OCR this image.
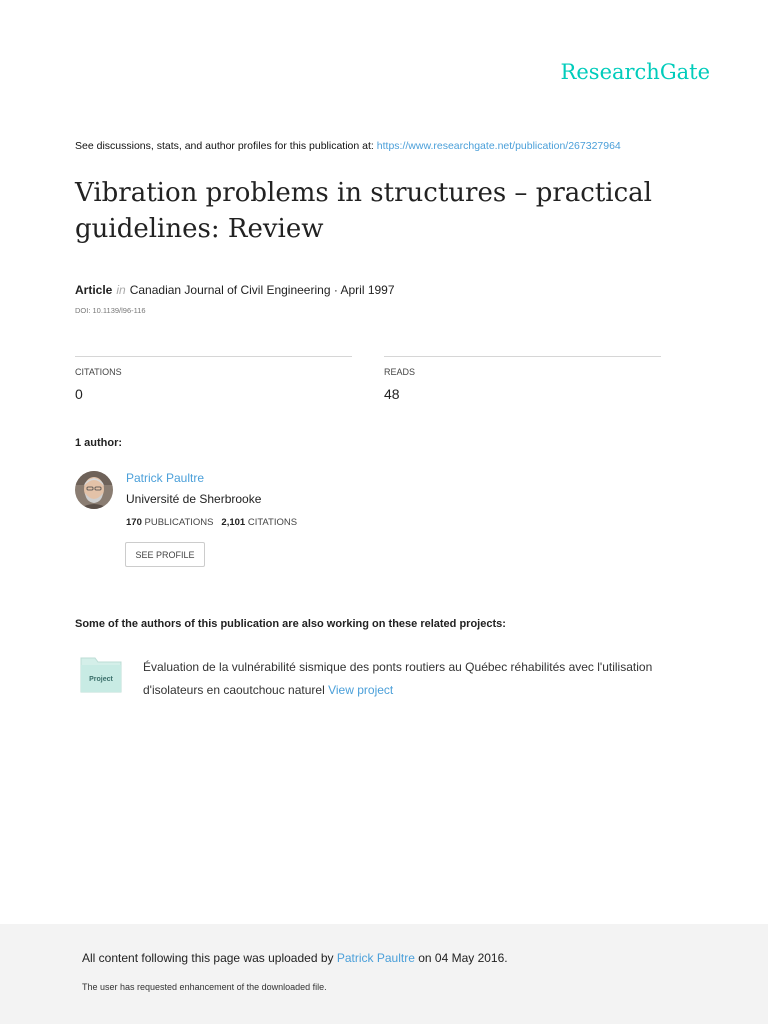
ResearchGate
See discussions, stats, and author profiles for this publication at: https://www.researchgate.net/publication/267327964
Vibration problems in structures – practical guidelines: Review
Article in Canadian Journal of Civil Engineering · April 1997
DOI: 10.1139/l96-116
CITATIONS
0
READS
48
1 author:
Patrick Paultre
Université de Sherbrooke
170 PUBLICATIONS 2,101 CITATIONS
SEE PROFILE
Some of the authors of this publication are also working on these related projects:
Project
Évaluation de la vulnérabilité sismique des ponts routiers au Québec réhabilités avec l'utilisation d'isolateurs en caoutchouc naturel View project
All content following this page was uploaded by Patrick Paultre on 04 May 2016.
The user has requested enhancement of the downloaded file.
